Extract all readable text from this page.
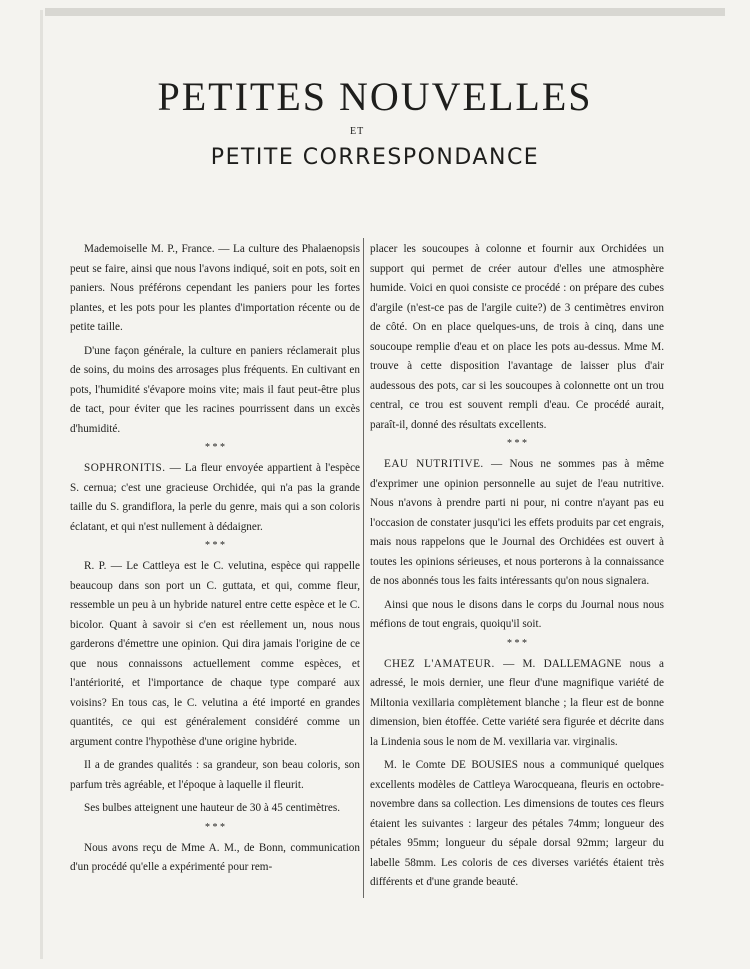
PETITES NOUVELLES
ET
PETITE CORRESPONDANCE

Mademoiselle M. P., France. — La culture des Phalaenopsis peut se faire, ainsi que nous l'avons indiqué, soit en pots, soit en paniers. Nous préférons cependant les paniers pour les fortes plantes, et les pots pour les plantes d'importation récente ou de petite taille.

D'une façon générale, la culture en paniers réclamerait plus de soins, du moins des arrosages plus fréquents. En cultivant en pots, l'humidité s'évapore moins vite; mais il faut peut-être plus de tact, pour éviter que les racines pourrissent dans un excès d'humidité.

* * *

SOPHRONITIS. — La fleur envoyée appartient à l'espèce S. cernua; c'est une gracieuse Orchidée, qui n'a pas la grande taille du S. grandiflora, la perle du genre, mais qui a son coloris éclatant, et qui n'est nullement à dédaigner.

* * *

R. P. — Le Cattleya est le C. velutina, espèce qui rappelle beaucoup dans son port un C. guttata, et qui, comme fleur, ressemble un peu à un hybride naturel entre cette espèce et le C. bicolor. Quant à savoir si c'en est réellement un, nous nous garderons d'émettre une opinion. Qui dira jamais l'origine de ce que nous connaissons actuellement comme espèces, et l'antériorité, et l'importance de chaque type comparé aux voisins? En tous cas, le C. velutina a été importé en grandes quantités, ce qui est généralement considéré comme un argument contre l'hypothèse d'une origine hybride.

Il a de grandes qualités : sa grandeur, son beau coloris, son parfum très agréable, et l'époque à laquelle il fleurit.

Ses bulbes atteignent une hauteur de 30 à 45 centimètres.

* * *

Nous avons reçu de Mme A. M., de Bonn, communication d'un procédé qu'elle a expérimenté pour rem-

placer les soucoupes à colonne et fournir aux Orchidées un support qui permet de créer autour d'elles une atmosphère humide. Voici en quoi consiste ce procédé : on prépare des cubes d'argile (n'est-ce pas de l'argile cuite?) de 3 centimètres environ de côté. On en place quelques-uns, de trois à cinq, dans une soucoupe remplie d'eau et on place les pots au-dessus. Mme M. trouve à cette disposition l'avantage de laisser plus d'air audessous des pots, car si les soucoupes à colonnette ont un trou central, ce trou est souvent rempli d'eau. Ce procédé aurait, paraît-il, donné des résultats excellents.

* * *

EAU NUTRITIVE. — Nous ne sommes pas à même d'exprimer une opinion personnelle au sujet de l'eau nutritive. Nous n'avons à prendre parti ni pour, ni contre n'ayant pas eu l'occasion de constater jusqu'ici les effets produits par cet engrais, mais nous rappelons que le Journal des Orchidées est ouvert à toutes les opinions sérieuses, et nous porterons à la connaissance de nos abonnés tous les faits intéressants qu'on nous signalera.

Ainsi que nous le disons dans le corps du Journal nous nous méfions de tout engrais, quoiqu'il soit.

* * *

CHEZ L'AMATEUR. — M. DALLEMAGNE nous a adressé, le mois dernier, une fleur d'une magnifique variété de Miltonia vexillaria complètement blanche ; la fleur est de bonne dimension, bien étoffée. Cette variété sera figurée et décrite dans la Lindenia sous le nom de M. vexillaria var. virginalis.

M. le Comte DE BOUSIES nous a communiqué quelques excellents modèles de Cattleya Warocqueana, fleuris en octobre-novembre dans sa collection. Les dimensions de toutes ces fleurs étaient les suivantes : largeur des pétales 74mm; longueur des pétales 95mm; longueur du sépale dorsal 92mm; largeur du labelle 58mm. Les coloris de ces diverses variétés étaient très différents et d'une grande beauté.
